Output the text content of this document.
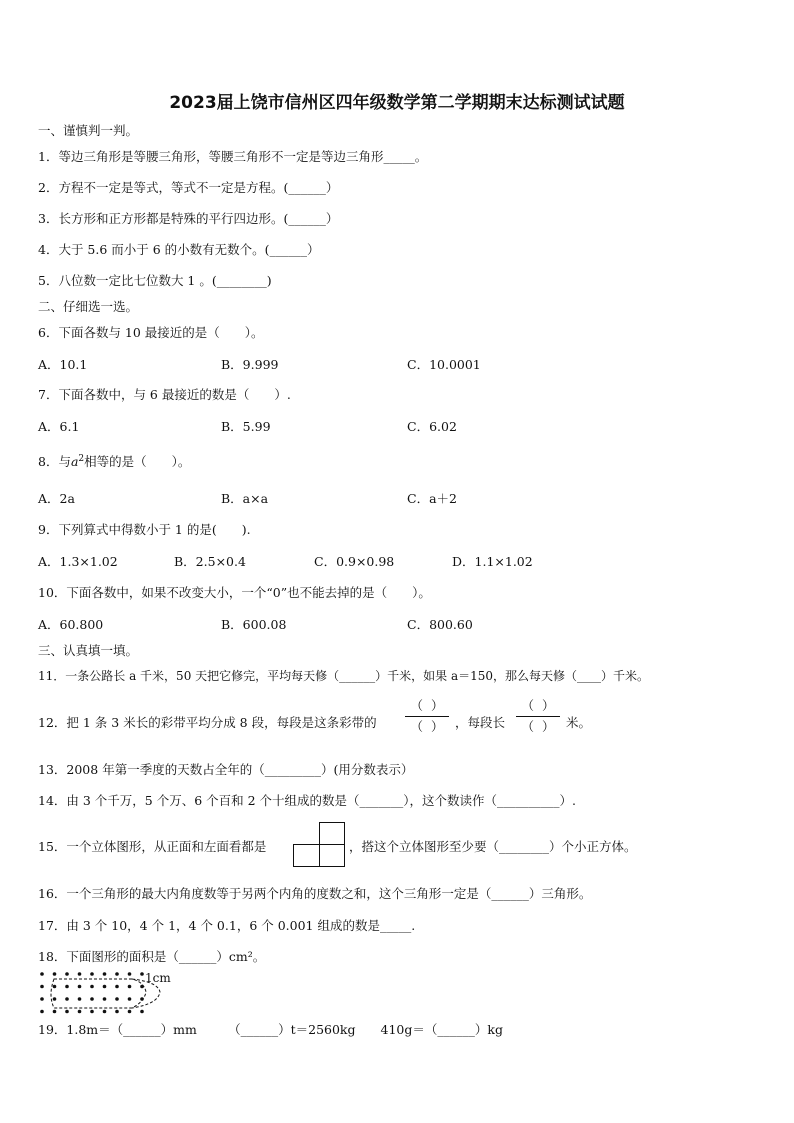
2023届上饶市信州区四年级数学第二学期期末达标测试试题
一、谨慎判一判。
1．等边三角形是等腰三角形，等腰三角形不一定是等边三角形_____。
2．方程不一定是等式，等式不一定是方程。(______）
3．长方形和正方形都是特殊的平行四边形。(______）
4．大于 5.6 而小于 6 的小数有无数个。(______）
5．八位数一定比七位数大 1 。(________)
二、仔细选一选。
6．下面各数与 10 最接近的是（　　）。
A．10.1	B．9.999	C．10.0001
7．下面各数中，与 6 最接近的数是（　　）.
A．6.1	B．5.99	C．6.02
8．与$a^2$相等的是（　　）。
A．2a	B．a×a	C．a＋2
9．下列算式中得数小于 1 的是(　　).
A．1.3×1.02	B．2.5×0.4	C．0.9×0.98	D．1.1×1.02
10．下面各数中，如果不改变大小，一个“0”也不能去掉的是（　　）。
A．60.800	B．600.08	C．800.60
三、认真填一填。
11．一条公路长 a 千米，50 天把它修完，平均每天修（______）千米，如果 a＝150，那么每天修（____）千米。
12．把 1 条 3 米长的彩带平均分成 8 段，每段是这条彩带的
（ ）
（ ） ，每段长
（ ）
（ ） 米。
13．2008 年第一季度的天数占全年的（_________）(用分数表示）
14．由 3 个千万，5 个万、6 个百和 2 个十组成的数是（_______），这个数读作（__________）.
15．一个立体图形，从正面和左面看都是	，搭这个立体图形至少要（________）个小正方体。
16．一个三角形的最大内角度数等于另两个内角的度数之和，这个三角形一定是（______）三角形。
17．由 3 个 10，4 个 1，4 个 0.1，6 个 0.001 组成的数是_____.
18．下面图形的面积是（______）cm²。
1cm
19．1.8m＝（______）mm　　　（______）t＝2560kg　　410g＝（______）kg
